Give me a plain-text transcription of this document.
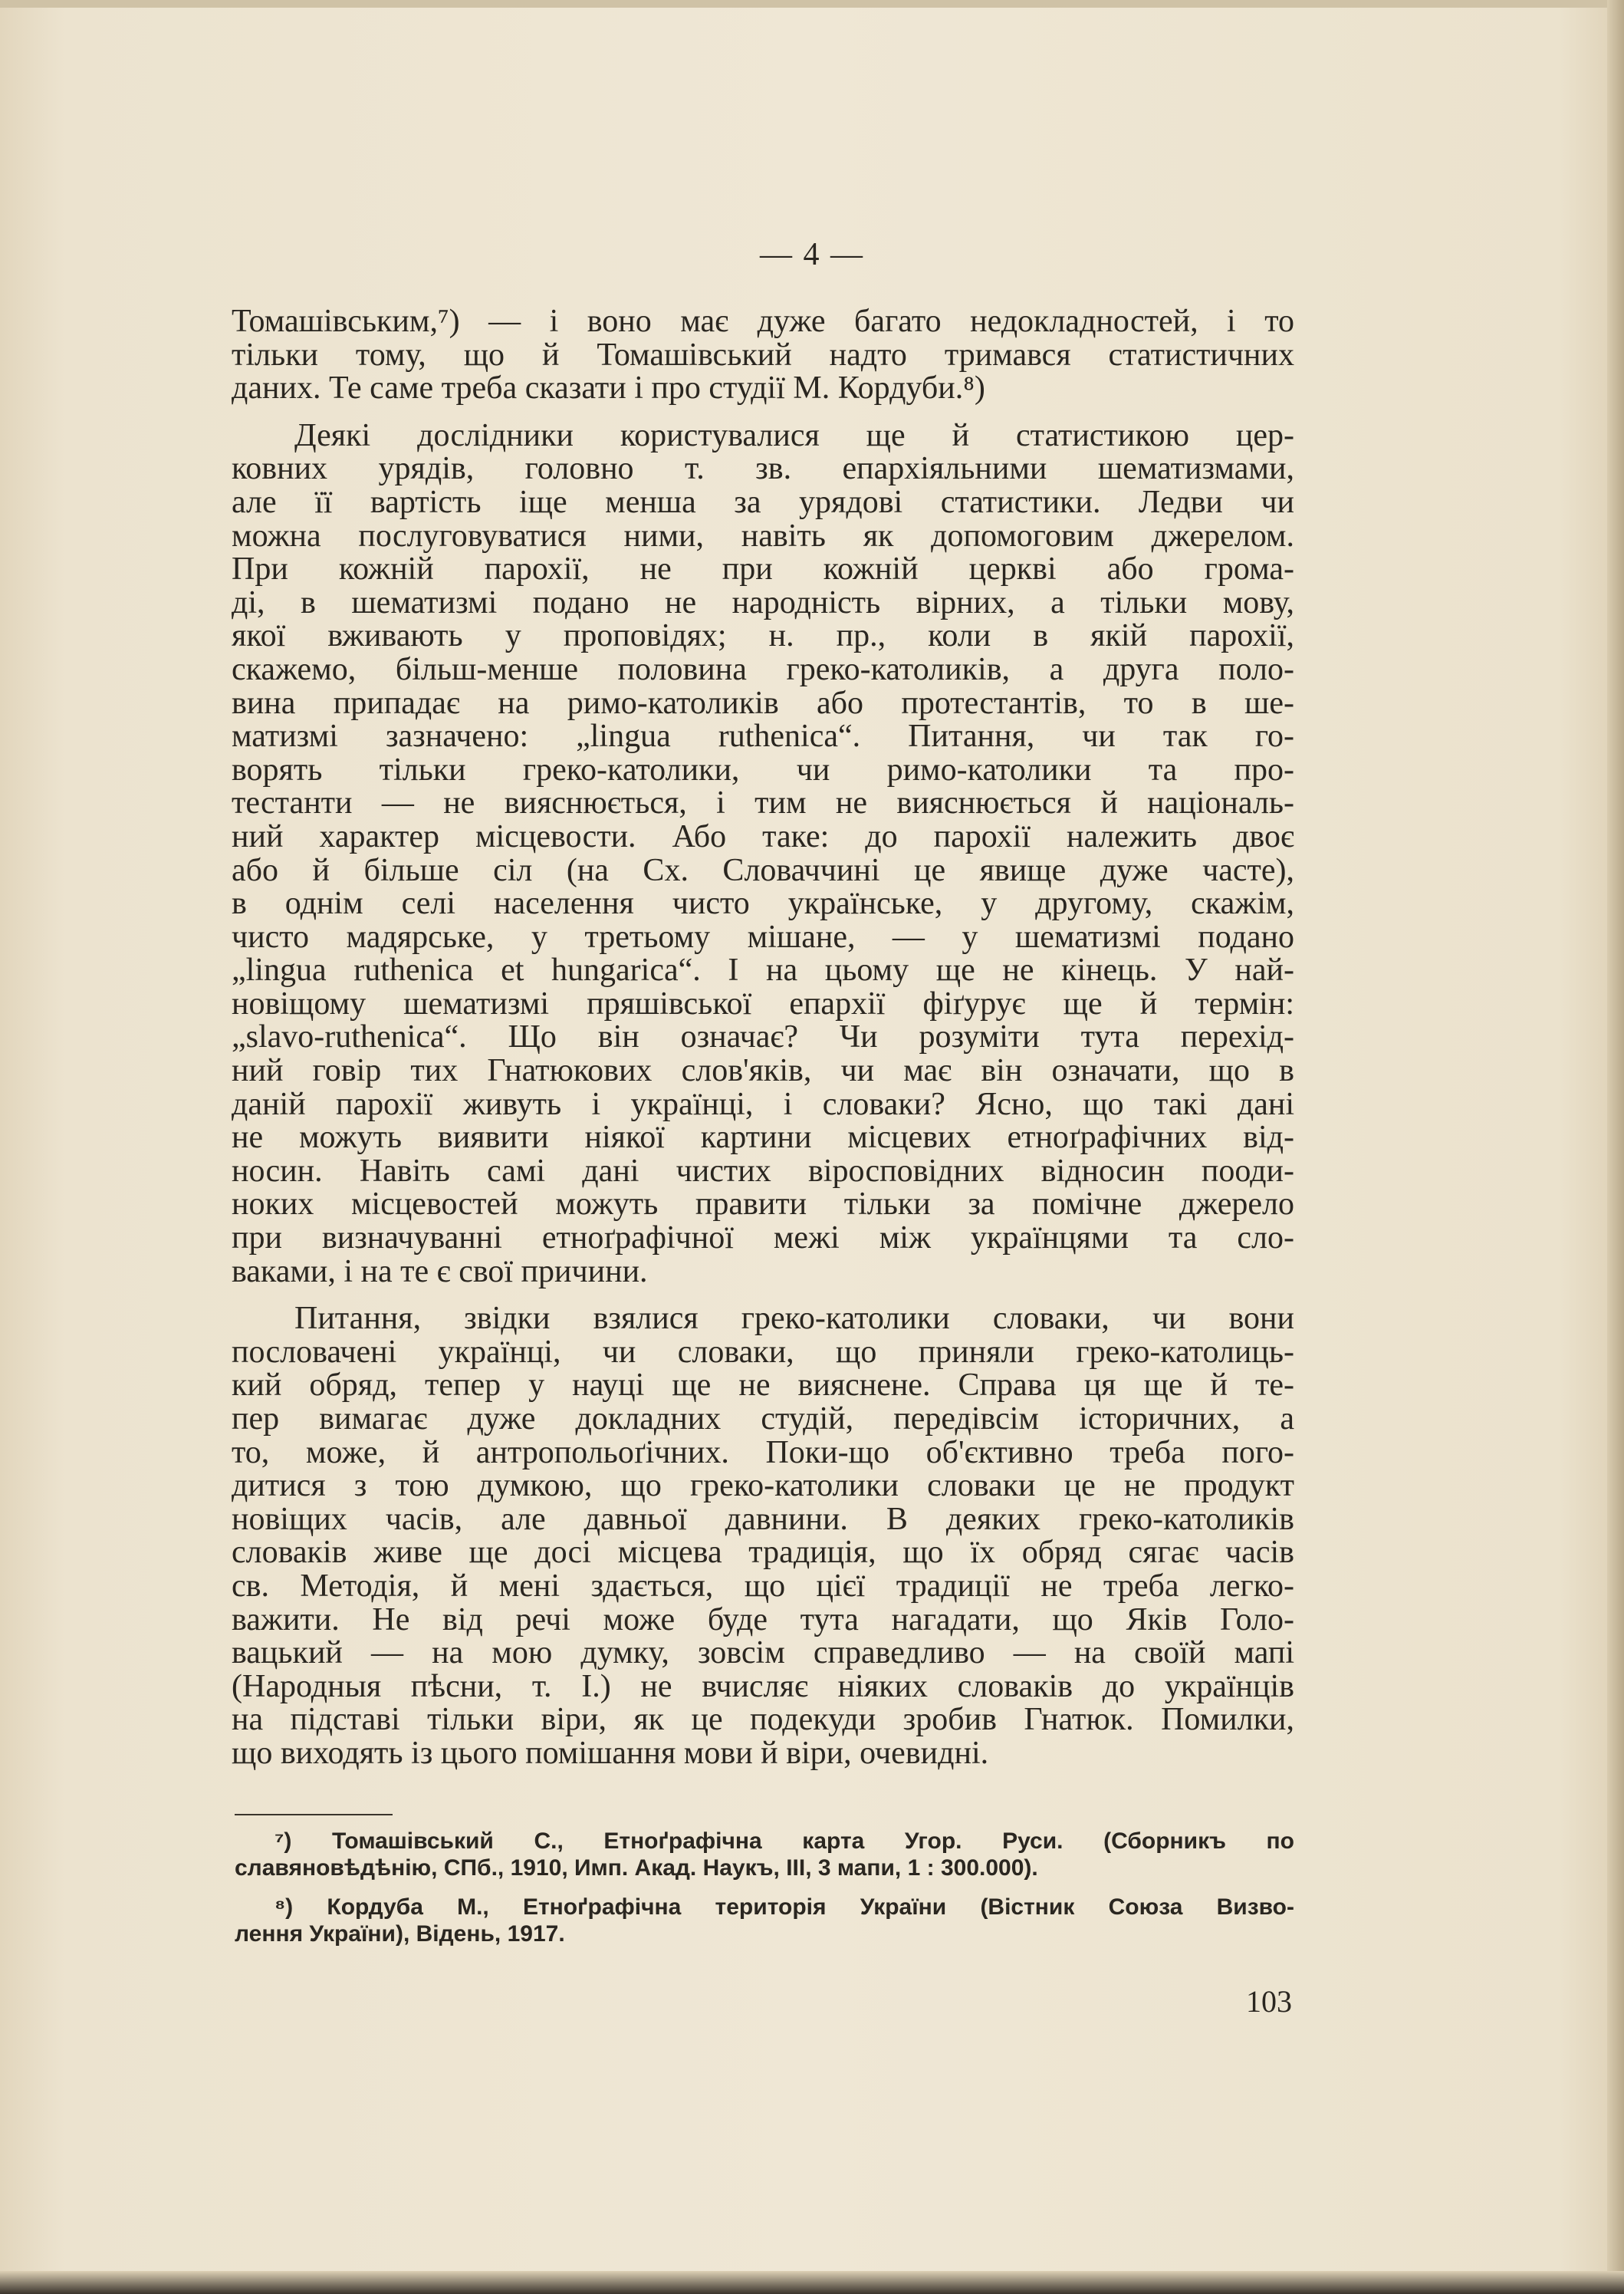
— 4 —
Томашівським,⁷) — і воно має дуже багато недокладностей, і то
тільки тому, що й Томашівський надто тримався статистичних
даних. Те саме треба сказати і про студії М. Кордуби.⁸)
Деякі дослідники користувалися ще й статистикою цер-
ковних урядів, головно т. зв. епархіяльними шематизмами,
але її вартість іще менша за урядові статистики. Ледви чи
можна послуговуватися ними, навіть як допомоговим джерелом.
При кожній парохії, не при кожній церкві або грома-
ді, в шематизмі подано не народність вірних, а тільки мову,
якої вживають у проповідях; н. пр., коли в якій парохії,
скажемо, більш-менше половина греко-католиків, а друга поло-
вина припадає на римо-католиків або протестантів, то в ше-
матизмі зазначено: „lingua ruthenica“. Питання, чи так го-
ворять тільки греко-католики, чи римо-католики та про-
тестанти — не вияснюється, і тим не вияснюється й національ-
ний характер місцевости. Або таке: до парохії належить двоє
або й більше сіл (на Сх. Словаччині це явище дуже часте),
в однім селі населення чисто українське, у другому, скажім,
чисто мадярське, у третьому мішане, — у шематизмі подано
„lingua ruthenica et hungarica“. І на цьому ще не кінець. У най-
новіщому шематизмі пряшівської епархії фіґурує ще й термін:
„slavo-ruthenica“. Що він означає? Чи розуміти тута перехід-
ний говір тих Гнатюкових слов'яків, чи має він означати, що в
даній парохії живуть і українці, і словаки? Ясно, що такі дані
не можуть виявити ніякої картини місцевих етноґрафічних від-
носин. Навіть самі дані чистих віросповідних відносин пооди-
ноких місцевостей можуть правити тільки за помічне джерело
при визначуванні етноґрафічної межі між українцями та сло-
ваками, і на те є свої причини.
Питання, звідки взялися греко-католики словаки, чи вони
пословачені українці, чи словаки, що приняли греко-католиць-
кий обряд, тепер у науці ще не вияснене. Справа ця ще й те-
пер вимагає дуже докладних студій, передівсім історичних, а
то, може, й антропольоґічних. Поки-що об'єктивно треба пого-
дитися з тою думкою, що греко-католики словаки це не продукт
новіщих часів, але давньої давнини. В деяких греко-католиків
словаків живе ще досі місцева традиція, що їх обряд сягає часів
св. Методія, й мені здається, що цієї традиції не треба легко-
важити. Не від речі може буде тута нагадати, що Яків Голо-
вацький — на мою думку, зовсім справедливо — на своїй мапі
(Народныя пѣсни, т. I.) не вчисляє ніяких словаків до українців
на підставі тільки віри, як це подекуди зробив Гнатюк. Помилки,
що виходять із цього помішання мови й віри, очевидні.
⁷) Томашівський С., Етноґрафічна карта Угор. Руси. (Сборникъ по
славяновѣдѣнію, СПб., 1910, Имп. Акад. Наукъ, III, 3 мапи, 1 : 300.000).
⁸) Кордуба М., Етноґрафічна територія України (Вістник Союза Визво-
лення України), Відень, 1917.
103
